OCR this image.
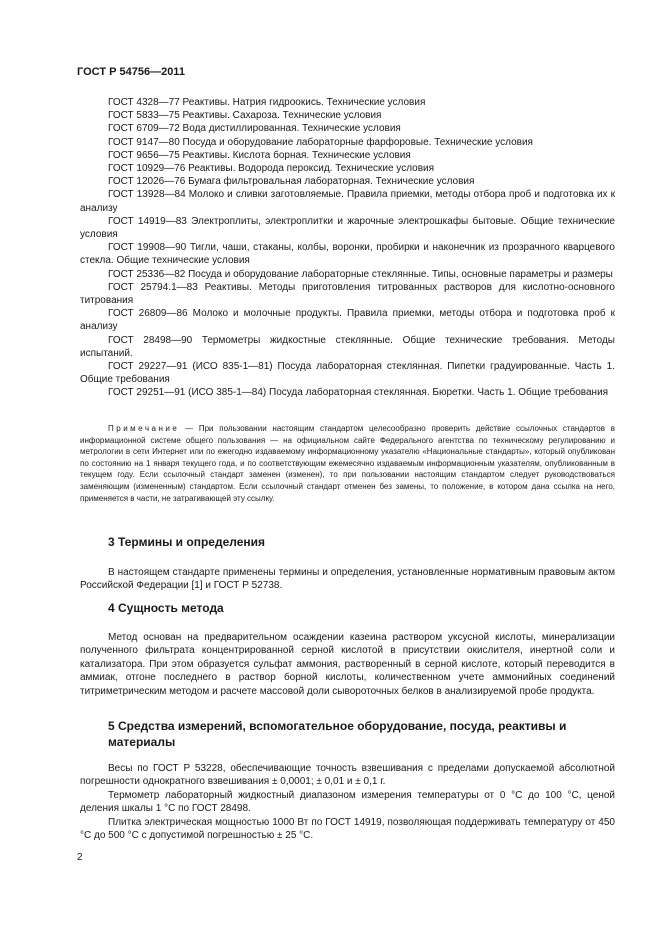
ГОСТ Р 54756—2011

ГОСТ 4328—77 Реактивы. Натрия гидроокись. Технические условия

ГОСТ 5833—75 Реактивы. Сахароза. Технические условия

ГОСТ 6709—72 Вода дистиллированная. Технические условия

ГОСТ 9147—80 Посуда и оборудование лабораторные фарфоровые. Технические условия

ГОСТ 9656—75 Реактивы. Кислота борная. Технические условия

ГОСТ 10929—76 Реактивы. Водорода пероксид. Технические условия

ГОСТ 12026—76 Бумага фильтровальная лабораторная. Технические условия

ГОСТ 13928—84 Молоко и сливки заготовляемые. Правила приемки, методы отбора проб и подготовка их к анализу

ГОСТ 14919—83 Электроплиты, электроплитки и жарочные электрошкафы бытовые. Общие технические условия

ГОСТ 19908—90 Тигли, чаши, стаканы, колбы, воронки, пробирки и наконечник из прозрачного кварцевого стекла. Общие технические условия

ГОСТ 25336—82 Посуда и оборудование лабораторные стеклянные. Типы, основные параметры и размеры

ГОСТ 25794.1—83 Реактивы. Методы приготовления титрованных растворов для кислотно-основного титрования

ГОСТ 26809—86 Молоко и молочные продукты. Правила приемки, методы отбора и подготовка проб к анализу

ГОСТ 28498—90 Термометры жидкостные стеклянные. Общие технические требования. Методы испытаний.

ГОСТ 29227—91 (ИСО 835-1—81) Посуда лабораторная стеклянная. Пипетки градуированные. Часть 1. Общие требования

ГОСТ 29251—91 (ИСО 385-1—84) Посуда лабораторная стеклянная. Бюретки. Часть 1. Общие требования

Примечание — При пользовании настоящим стандартом целесообразно проверить действие ссылочных стандартов в информационной системе общего пользования — на официальном сайте Федерального агентства по техническому регулированию и метрологии в сети Интернет или по ежегодно издаваемому информационному указателю «Национальные стандарты», который опубликован по состоянию на 1 января текущего года, и по соответствующим ежемесячно издаваемым информационным указателям, опубликованным в текущем году. Если ссылочный стандарт заменен (изменен), то при пользовании настоящим стандартом следует руководствоваться заменяющим (измененным) стандартом. Если ссылочный стандарт отменен без замены, то положение, в котором дана ссылка на него, применяется в части, не затрагивающей эту ссылку.

3 Термины и определения

В настоящем стандарте применены термины и определения, установленные нормативным правовым актом Российской Федерации [1] и ГОСТ Р 52738.

4 Сущность метода

Метод основан на предварительном осаждении казеина раствором уксусной кислоты, минерализации полученного фильтрата концентрированной серной кислотой в присутствии окислителя, инертной соли и катализатора. При этом образуется сульфат аммония, растворенный в серной кислоте, который переводится в аммиак, отгоне последнего в раствор борной кислоты, количественном учете аммонийных соединений титриметрическим методом и расчете массовой доли сывороточных белков в анализируемой пробе продукта.

5 Средства измерений, вспомогательное оборудование, посуда, реактивы и материалы

Весы по ГОСТ Р 53228, обеспечивающие точность взвешивания с пределами допускаемой абсолютной погрешности однократного взвешивания ± 0,0001; ± 0,01 и ± 0,1 г.

Термометр лабораторный жидкостный диапазоном измерения температуры от 0 °С до 100 °С, ценой деления шкалы 1 °С по ГОСТ 28498.

Плитка электрическая мощностью 1000 Вт по ГОСТ 14919, позволяющая поддерживать температуру от 450 °С до 500 °С с допустимой погрешностью ± 25 °С.

2
